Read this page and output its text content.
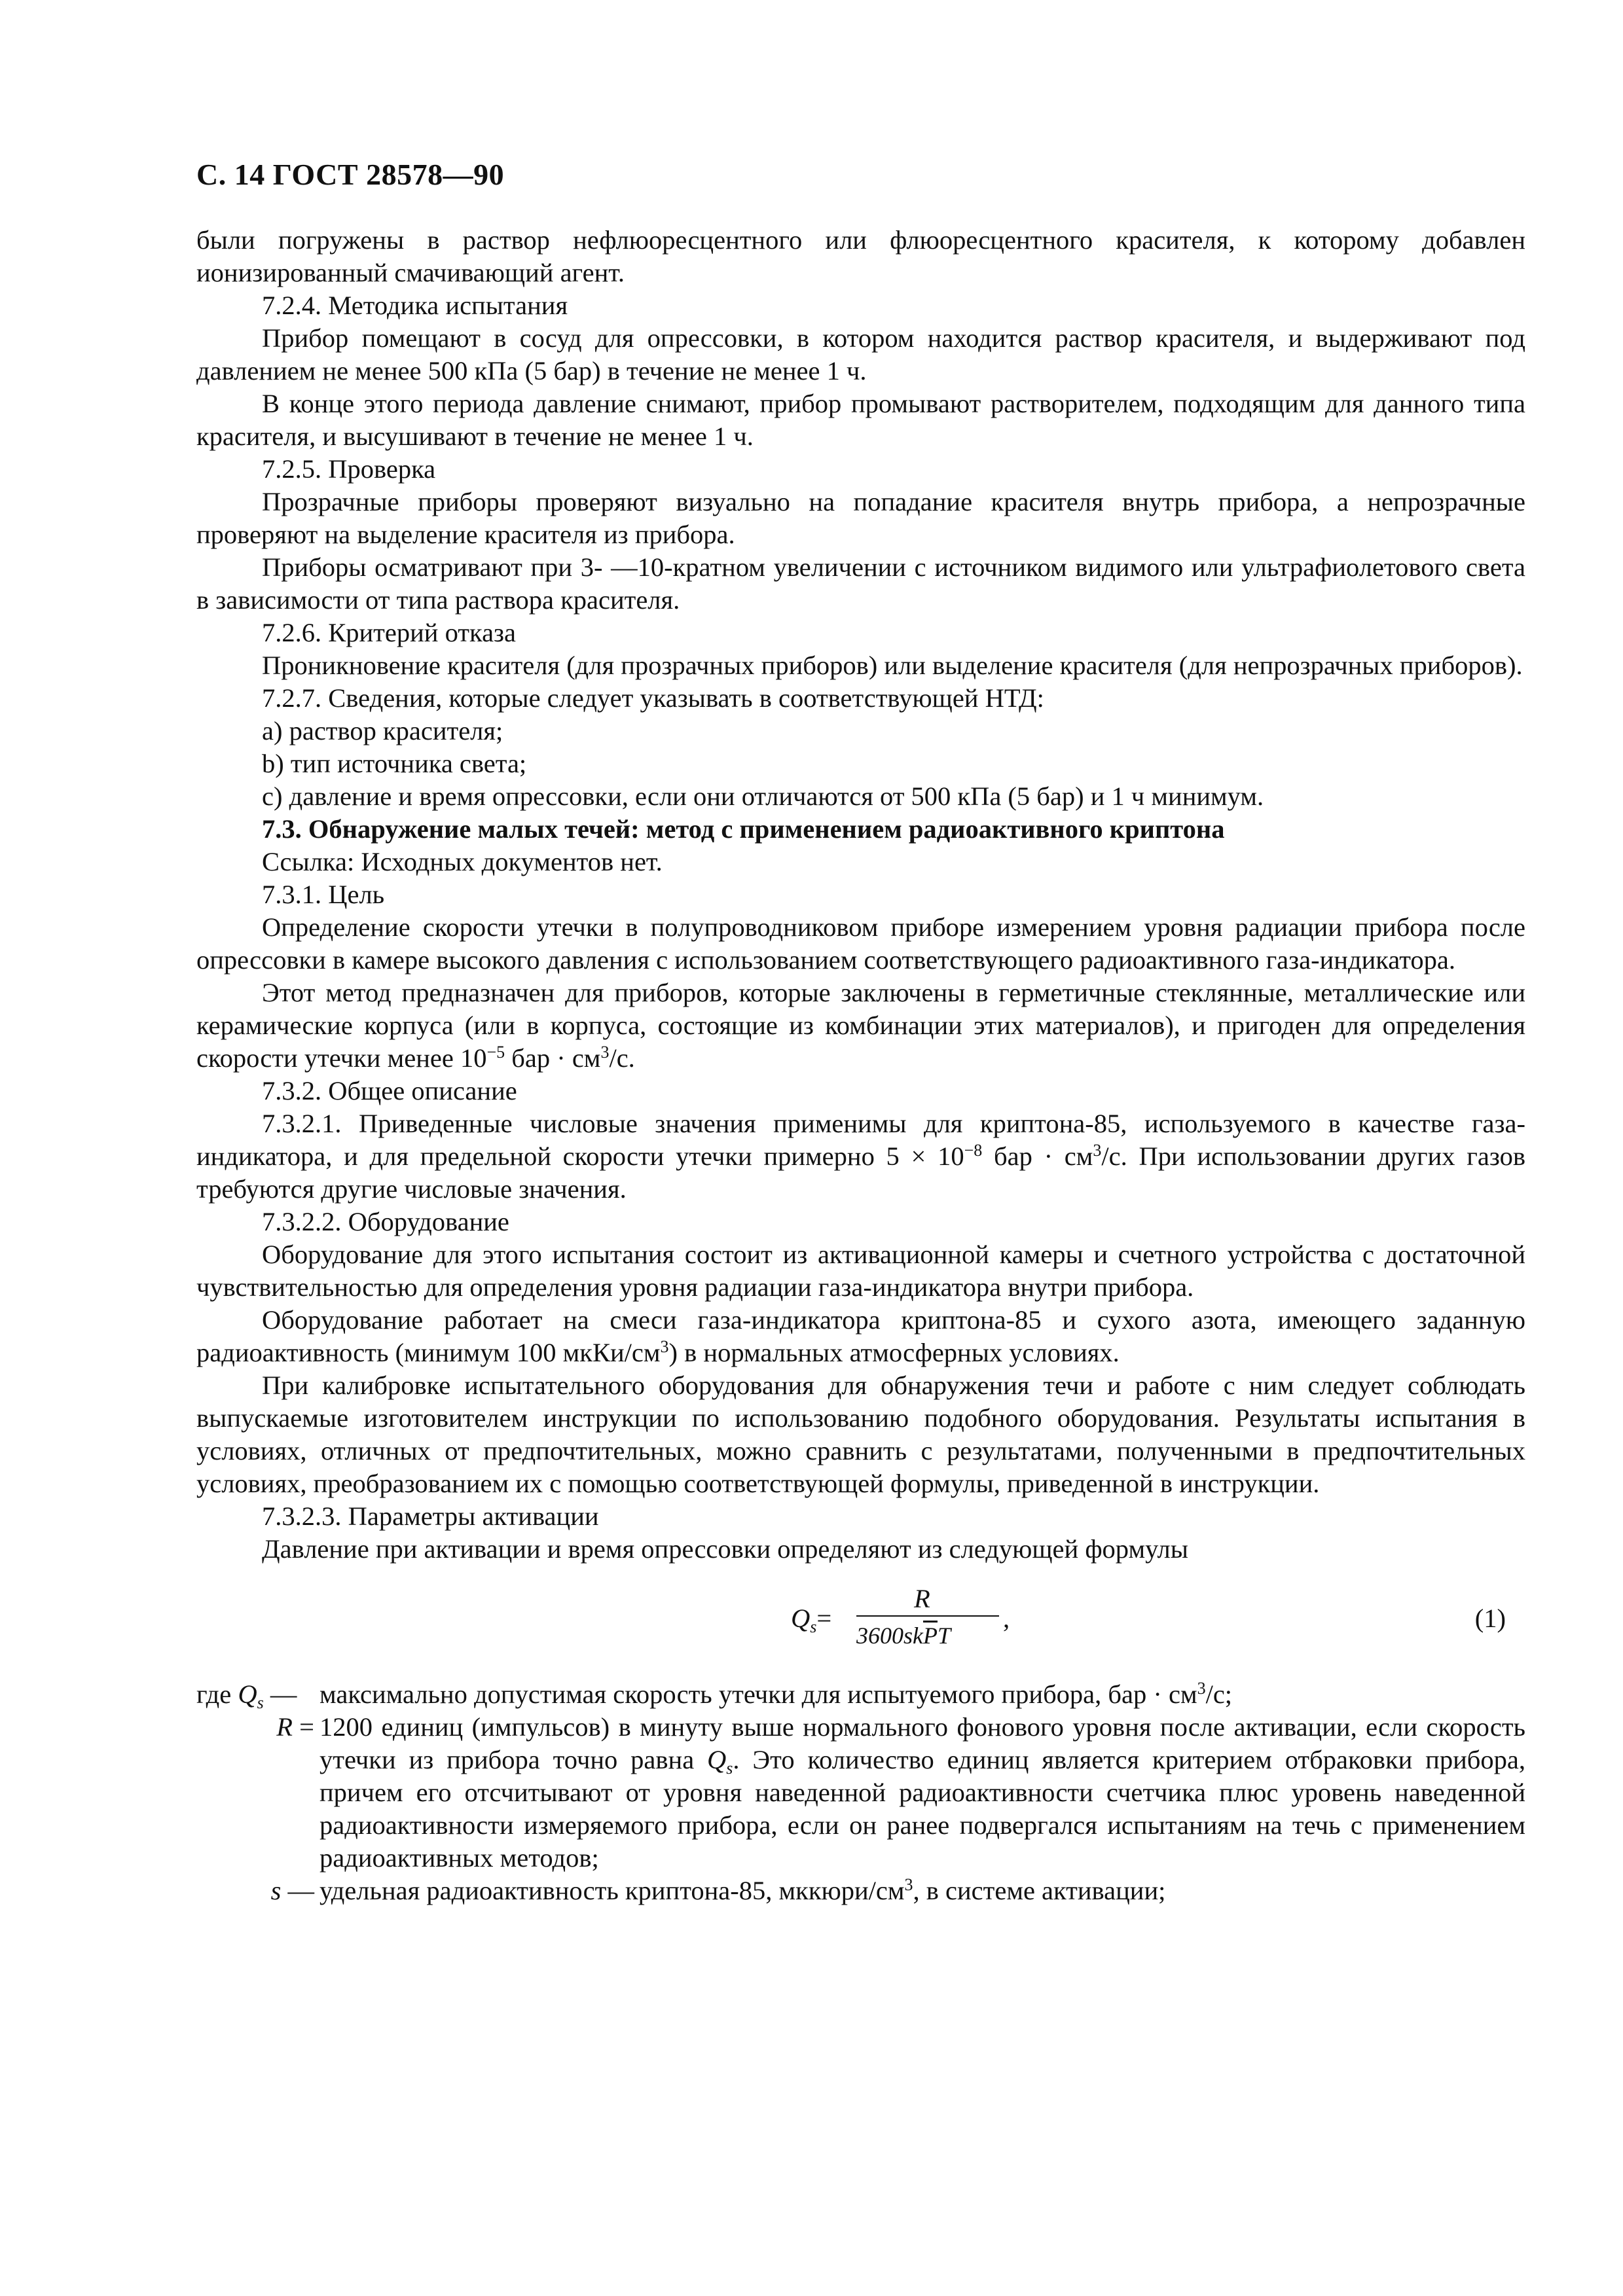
С. 14 ГОСТ 28578—90

были погружены в раствор нефлюоресцентного или флюоресцентного красителя, к которому добавлен ионизированный смачивающий агент.

7.2.4. Методика испытания

Прибор помещают в сосуд для опрессовки, в котором находится раствор красителя, и выдерживают под давлением не менее 500 кПа (5 бар) в течение не менее 1 ч.

В конце этого периода давление снимают, прибор промывают растворителем, подходящим для данного типа красителя, и высушивают в течение не менее 1 ч.

7.2.5. Проверка

Прозрачные приборы проверяют визуально на попадание красителя внутрь прибора, а непрозрачные проверяют на выделение красителя из прибора.

Приборы осматривают при 3- —10-кратном увеличении с источником видимого или ультрафиолетового света в зависимости от типа раствора красителя.

7.2.6. Критерий отказа

Проникновение красителя (для прозрачных приборов) или выделение красителя (для непрозрачных приборов).

7.2.7. Сведения, которые следует указывать в соответствующей НТД:

а) раствор красителя;

b) тип источника света;

с) давление и время опрессовки, если они отличаются от 500 кПа (5 бар) и 1 ч минимум.

7.3. Обнаружение малых течей: метод с применением радиоактивного криптона

Ссылка: Исходных документов нет.

7.3.1. Цель

Определение скорости утечки в полупроводниковом приборе измерением уровня радиации прибора после опрессовки в камере высокого давления с использованием соответствующего радиоактивного газа-индикатора.

Этот метод предназначен для приборов, которые заключены в герметичные стеклянные, металлические или керамические корпуса (или в корпуса, состоящие из комбинации этих материалов), и пригоден для определения скорости утечки менее $10^{-5}$ бар · $см^3/с$.

7.3.2. Общее описание

7.3.2.1. Приведенные числовые значения применимы для криптона-85, используемого в качестве газа-индикатора, и для предельной скорости утечки примерно $5 \times 10^{-8}$ бар · $см^3/с$. При использовании других газов требуются другие числовые значения.

7.3.2.2. Оборудование

Оборудование для этого испытания состоит из активационной камеры и счетного устройства с достаточной чувствительностью для определения уровня радиации газа-индикатора внутри прибора.

Оборудование работает на смеси газа-индикатора криптона-85 и сухого азота, имеющего заданную радиоактивность (минимум 100 мкКи/$см^3$) в нормальных атмосферных условиях.

При калибровке испытательного оборудования для обнаружения течи и работе с ним следует соблюдать выпускаемые изготовителем инструкции по использованию подобного оборудования. Результаты испытания в условиях, отличных от предпочтительных, можно сравнить с результатами, полученными в предпочтительных условиях, преобразованием их с помощью соответствующей формулы, приведенной в инструкции.

7.3.2.3. Параметры активации

Давление при активации и время опрессовки определяют из следующей формулы

$Q_s=$
R
$3600sk\overline{P}T$
,	(1)

где $Q_s$ — максимально допустимая скорость утечки для испытуемого прибора, бар · $см^3/с$;

R = 1200 единиц (импульсов) в минуту выше нормального фонового уровня после активации, если скорость утечки из прибора точно равна $Q_s$. Это количество единиц является критерием отбраковки прибора, причем его отсчитывают от уровня наведенной радиоактивности счетчика плюс уровень наведенной радиоактивности измеряемого прибора, если он ранее подвергался испытаниям на течь с применением радиоактивных методов;

s — удельная радиоактивность криптона-85, мккюри/$см^3$, в системе активации;
